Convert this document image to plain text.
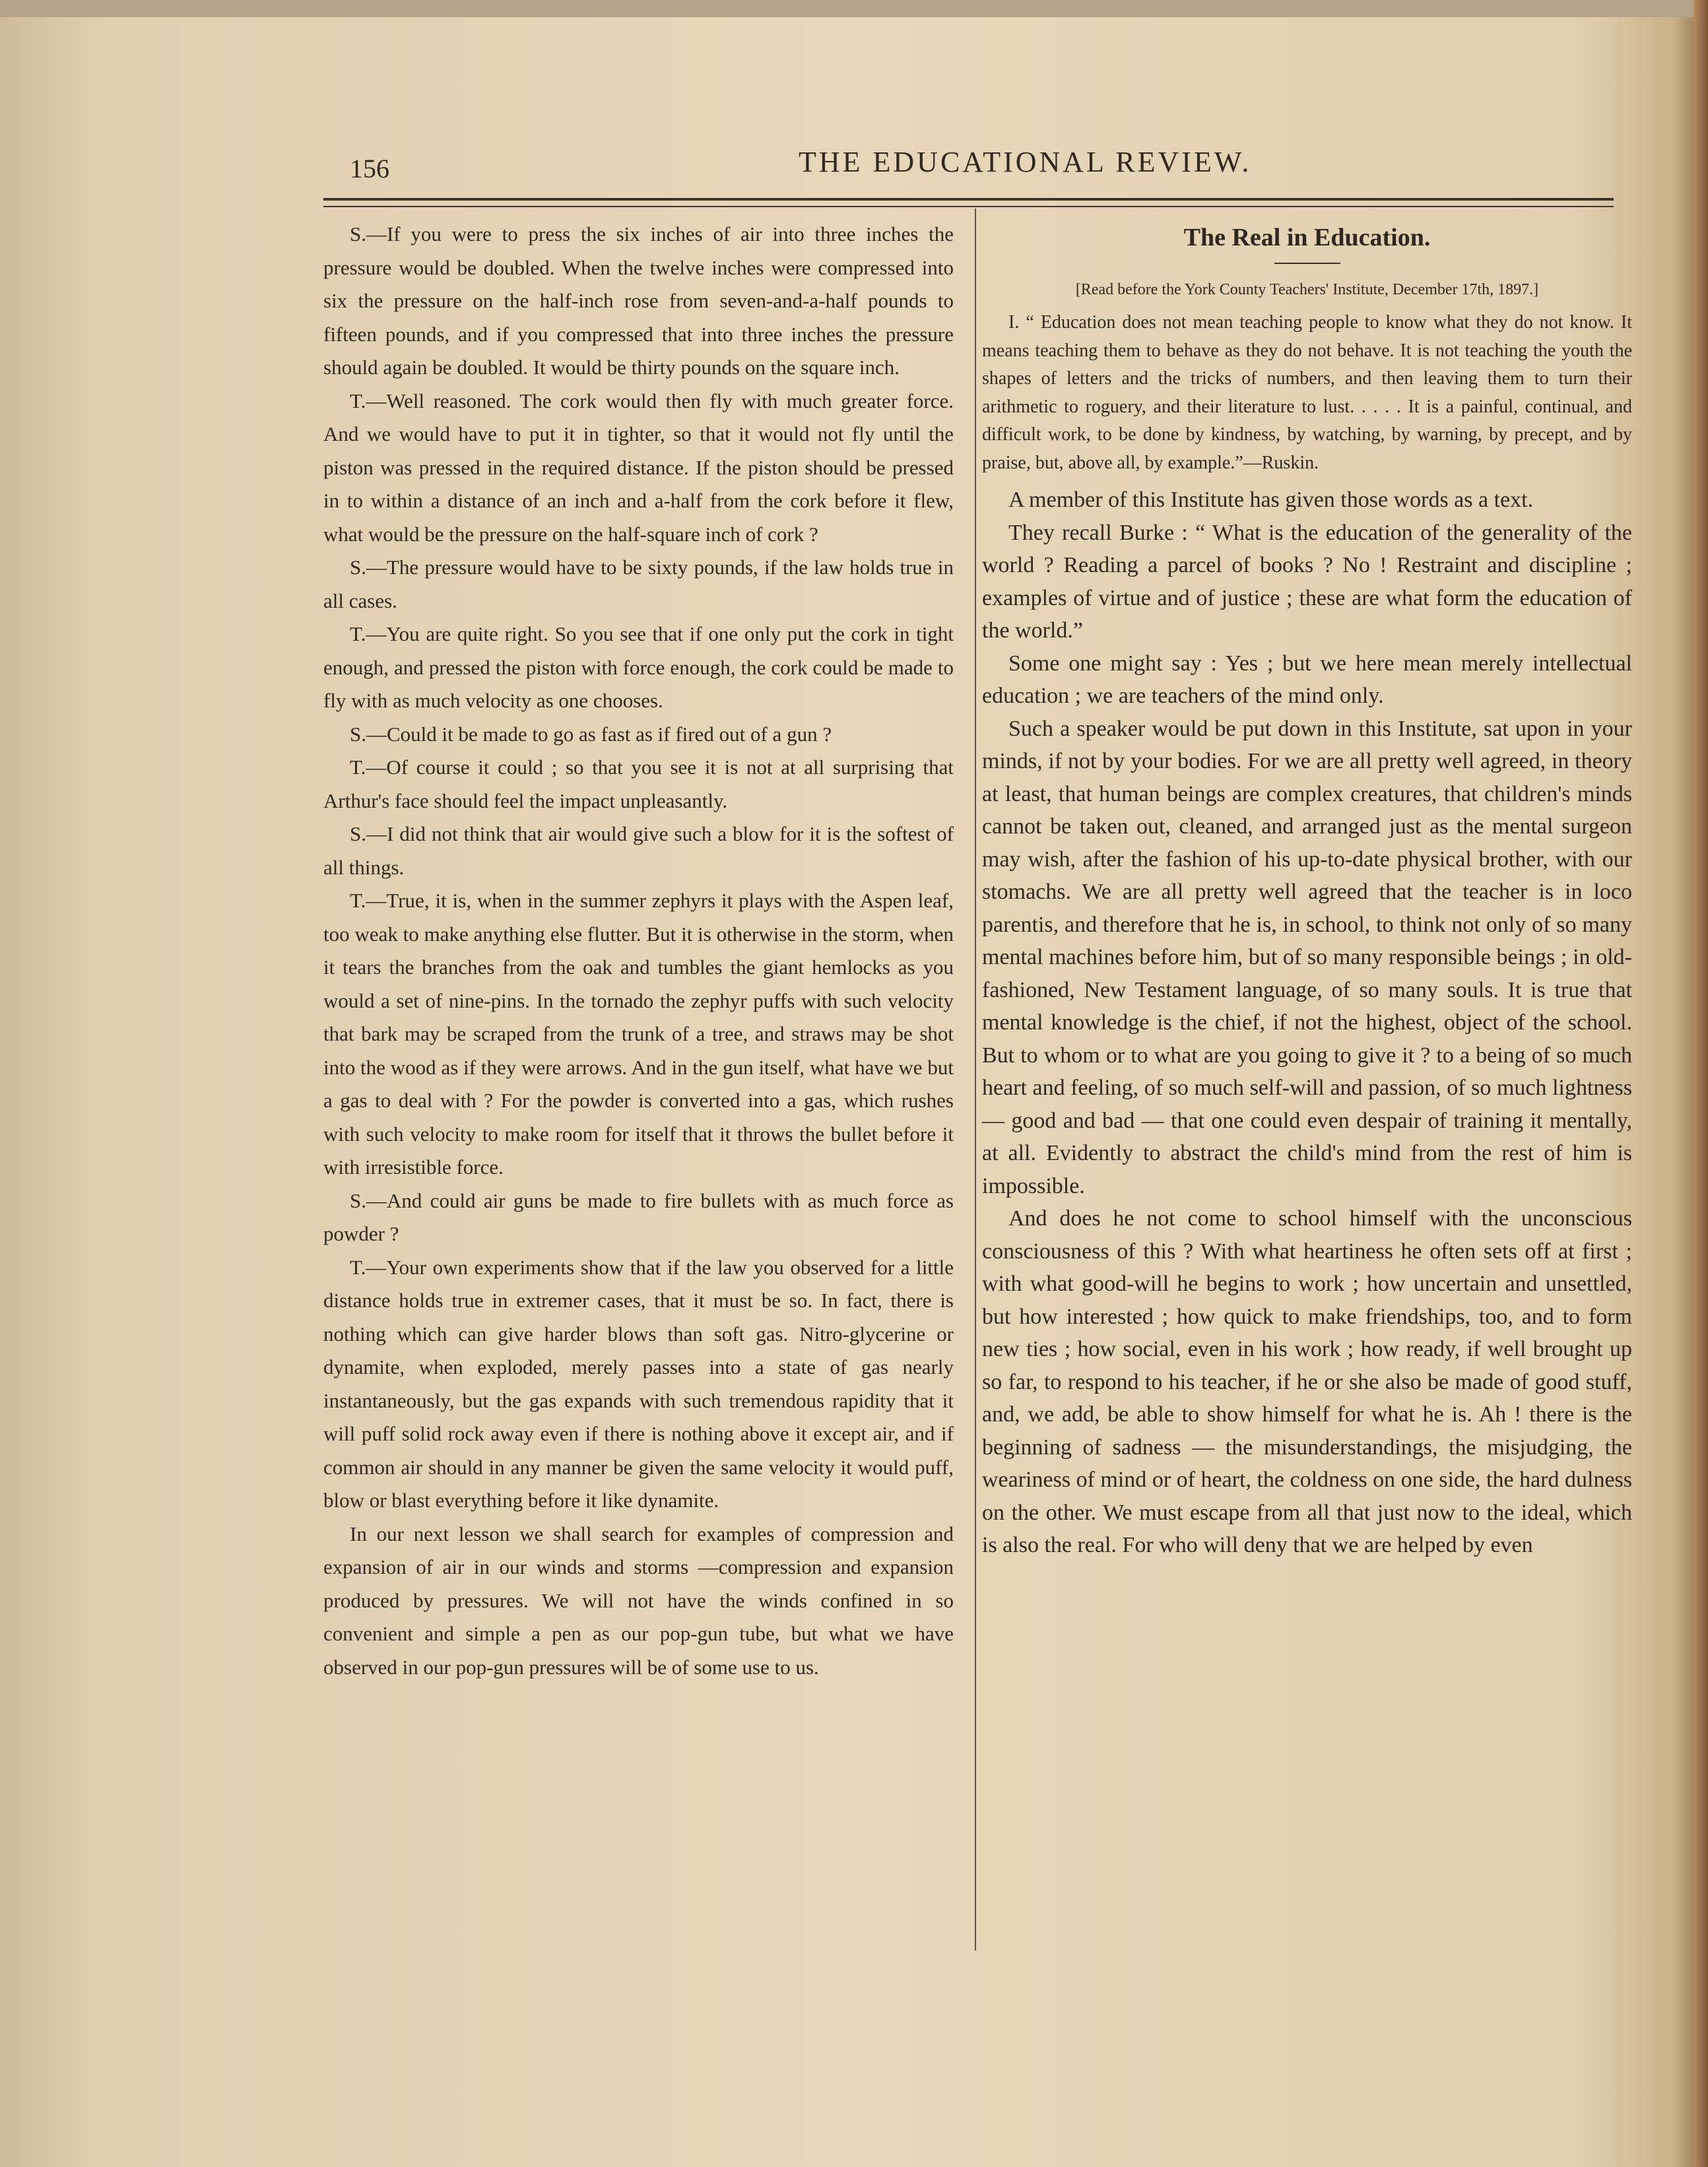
156	THE EDUCATIONAL REVIEW.

S.—If you were to press the six inches of air into three inches the pressure would be doubled. When the twelve inches were compressed into six the pressure on the half-inch rose from seven-and-a-half pounds to fifteen pounds, and if you compressed that into three inches the pressure should again be doubled. It would be thirty pounds on the square inch.

T.—Well reasoned. The cork would then fly with much greater force. And we would have to put it in tighter, so that it would not fly until the piston was pressed in the required distance. If the piston should be pressed in to within a distance of an inch and a-half from the cork before it flew, what would be the pressure on the half-square inch of cork ?

S.—The pressure would have to be sixty pounds, if the law holds true in all cases.

T.—You are quite right. So you see that if one only put the cork in tight enough, and pressed the piston with force enough, the cork could be made to fly with as much velocity as one chooses.

S.—Could it be made to go as fast as if fired out of a gun ?

T.—Of course it could ; so that you see it is not at all surprising that Arthur's face should feel the impact unpleasantly.

S.—I did not think that air would give such a blow for it is the softest of all things.

T.—True, it is, when in the summer zephyrs it plays with the Aspen leaf, too weak to make anything else flutter. But it is otherwise in the storm, when it tears the branches from the oak and tumbles the giant hemlocks as you would a set of nine-pins. In the tornado the zephyr puffs with such velocity that bark may be scraped from the trunk of a tree, and straws may be shot into the wood as if they were arrows. And in the gun itself, what have we but a gas to deal with ? For the powder is converted into a gas, which rushes with such velocity to make room for itself that it throws the bullet before it with irresistible force.

S.—And could air guns be made to fire bullets with as much force as powder ?

T.—Your own experiments show that if the law you observed for a little distance holds true in extremer cases, that it must be so. In fact, there is nothing which can give harder blows than soft gas. Nitro-glycerine or dynamite, when exploded, merely passes into a state of gas nearly instantaneously, but the gas expands with such tremendous rapidity that it will puff solid rock away even if there is nothing above it except air, and if common air should in any manner be given the same velocity it would puff, blow or blast everything before it like dynamite.

In our next lesson we shall search for examples of compression and expansion of air in our winds and storms —compression and expansion produced by pressures. We will not have the winds confined in so convenient and simple a pen as our pop-gun tube, but what we have observed in our pop-gun pressures will be of some use to us.

The Real in Education.
[Read before the York County Teachers' Institute, December 17th, 1897.]

I. “ Education does not mean teaching people to know what they do not know. It means teaching them to behave as they do not behave. It is not teaching the youth the shapes of letters and the tricks of numbers, and then leaving them to turn their arithmetic to roguery, and their literature to lust. . . . . It is a painful, continual, and difficult work, to be done by kindness, by watching, by warning, by precept, and by praise, but, above all, by example.”—Ruskin.

A member of this Institute has given those words as a text.

They recall Burke : “ What is the education of the generality of the world ? Reading a parcel of books ? No ! Restraint and discipline ; examples of virtue and of justice ; these are what form the education of the world.”

Some one might say : Yes ; but we here mean merely intellectual education ; we are teachers of the mind only.

Such a speaker would be put down in this Institute, sat upon in your minds, if not by your bodies. For we are all pretty well agreed, in theory at least, that human beings are complex creatures, that children's minds cannot be taken out, cleaned, and arranged just as the mental surgeon may wish, after the fashion of his up-to-date physical brother, with our stomachs. We are all pretty well agreed that the teacher is in loco parentis, and therefore that he is, in school, to think not only of so many mental machines before him, but of so many responsible beings ; in old-fashioned, New Testament language, of so many souls. It is true that mental knowledge is the chief, if not the highest, object of the school. But to whom or to what are you going to give it ? to a being of so much heart and feeling, of so much self-will and passion, of so much lightness — good and bad — that one could even despair of training it mentally, at all. Evidently to abstract the child's mind from the rest of him is impossible.

And does he not come to school himself with the unconscious consciousness of this ? With what heartiness he often sets off at first ; with what good-will he begins to work ; how uncertain and unsettled, but how interested ; how quick to make friendships, too, and to form new ties ; how social, even in his work ; how ready, if well brought up so far, to respond to his teacher, if he or she also be made of good stuff, and, we add, be able to show himself for what he is. Ah ! there is the beginning of sadness — the misunderstandings, the misjudging, the weariness of mind or of heart, the coldness on one side, the hard dulness on the other. We must escape from all that just now to the ideal, which is also the real. For who will deny that we are helped by even
